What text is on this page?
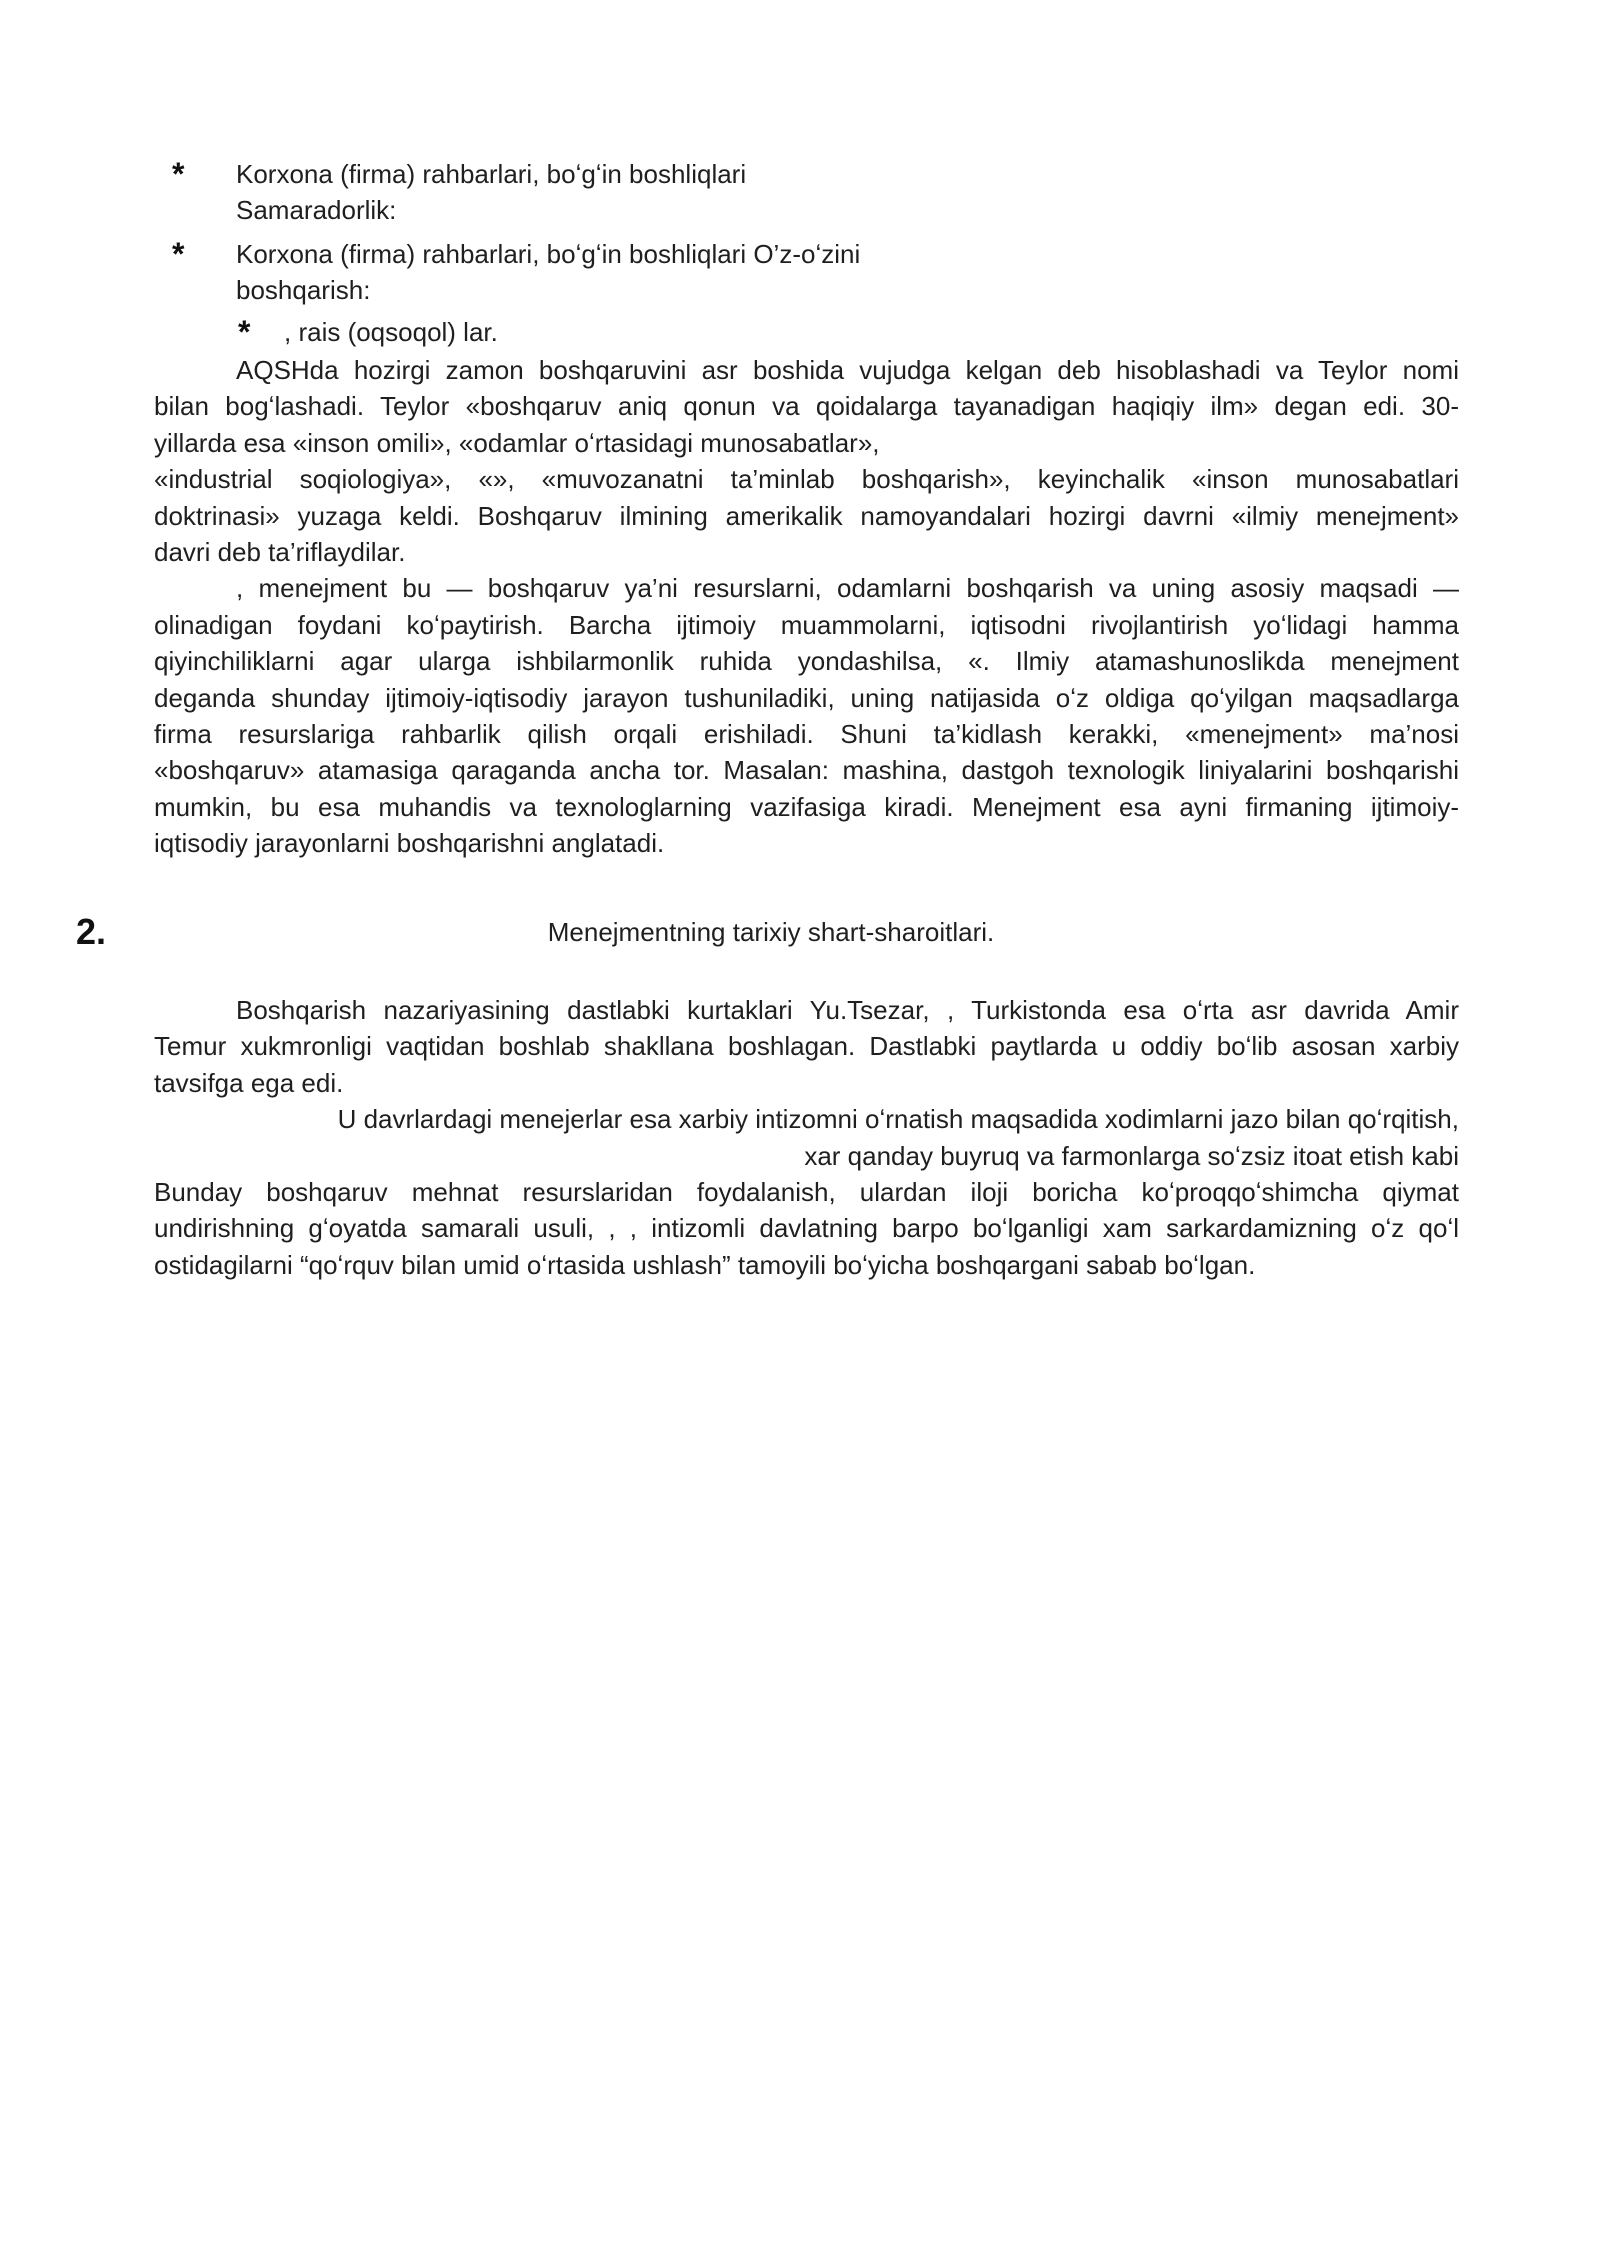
* Korxona (firma) rahbarlari, boʻgʻin boshliqlari
Samaradorlik:
* Korxona (firma) rahbarlari, boʻgʻin boshliqlari O’z-oʻzini
boshqarish:
* , rais (oqsoqol) lar.
AQSHda hozirgi zamon boshqaruvini asr boshida vujudga kelgan deb hisoblashadi va Teylor nomi
bilan bogʻlashadi. Teylor «boshqaruv aniq qonun va qoidalarga tayanadigan haqiqiy ilm» degan edi. 30-
yillarda esa «inson omili», «odamlar oʻrtasidagi munosabatlar»,
«industrial soqiologiya», «», «muvozanatni ta’minlab boshqarish», keyinchalik «inson munosabatlari
doktrinasi» yuzaga keldi. Boshqaruv ilmining amerikalik namoyandalari hozirgi davrni «ilmiy menejment»
davri deb ta’riflaydilar.
, menejment bu — boshqaruv ya’ni resurslarni, odamlarni boshqarish va uning asosiy maqsadi —
olinadigan foydani koʻpaytirish. Barcha ijtimoiy muammolarni, iqtisodni rivojlantirish yoʻlidagi hamma
qiyinchiliklarni agar ularga ishbilarmonlik ruhida yondashilsa, «. Ilmiy atamashunoslikda menejment
deganda shunday ijtimoiy-iqtisodiy jarayon tushuniladiki, uning natijasida oʻz oldiga qoʻyilgan maqsadlarga
firma resurslariga rahbarlik qilish orqali erishiladi. Shuni ta’kidlash kerakki, «menejment» ma’nosi
«boshqaruv» atamasiga qaraganda ancha tor. Masalan: mashina, dastgoh texnologik liniyalarini boshqarishi
mumkin, bu esa muhandis va texnologlarning vazifasiga kiradi. Menejment esa ayni firmaning ijtimoiy-
iqtisodiy jarayonlarni boshqarishni anglatadi.
2.	Menejmentning tarixiy shart-sharoitlari.
Boshqarish nazariyasining dastlabki kurtaklari Yu.Tsezar, , Turkistonda esa oʻrta asr davrida Amir
Temur xukmronligi vaqtidan boshlab shakllana boshlagan. Dastlabki paytlarda u oddiy boʻlib asosan xarbiy
tavsifga ega edi.
U davrlardagi menejerlar esa xarbiy intizomni oʻrnatish maqsadida xodimlarni jazo bilan qoʻrqitish,
xar qanday buyruq va farmonlarga soʻzsiz itoat etish kabi
Bunday boshqaruv mehnat resurslaridan foydalanish, ulardan iloji boricha koʻproqqoʻshimcha qiymat
undirishning gʻoyatda samarali usuli, , , intizomli davlatning barpo boʻlganligi xam sarkardamizning oʻz qoʻl
ostidagilarni “qoʻrquv bilan umid oʻrtasida ushlash” tamoyili boʻyicha boshqargani sabab boʻlgan.
